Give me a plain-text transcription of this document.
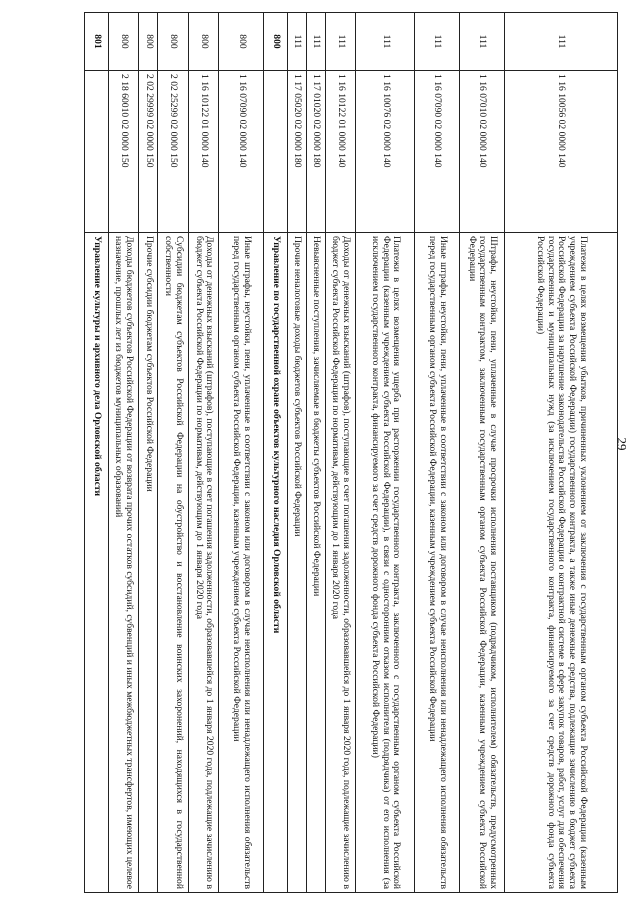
29
111	1 16 10056 02 0000 140	Платежи в целях возмещения убытков, причиненных уклонением от заключения с государственным органом субъекта Российской Федерации (казенным учреждением субъекта Российской Федерации) государственного контракта, а также иные денежные средства, подлежащие зачислению в бюджет субъекта Российской Федерации за нарушение законодательства Российской Федерации о контрактной системе в сфере закупок товаров, работ, услуг для обеспечения государственных и муниципальных нужд (за исключением государственного контракта, финансируемого за счет средств дорожного фонда субъекта Российской Федерации)
111	1 16 07010 02 0000 140	Штрафы, неустойки, пени, уплаченные в случае просрочки исполнения поставщиком (подрядчиком, исполнителем) обязательств, предусмотренных государственным контрактом, заключенным государственным органом субъекта Российской Федерации, казенным учреждением субъекта Российской Федерации
111	1 16 07090 02 0000 140	Иные штрафы, неустойки, пени, уплаченные в соответствии с законом или договором в случае неисполнения или ненадлежащего исполнения обязательств перед государственным органом субъекта Российской Федерации, казенным учреждением субъекта Российской Федерации
111	1 16 10076 02 0000 140	Платежи в целях возмещения ущерба при расторжении государственного контракта, заключенного с государственным органом субъекта Российской Федерации (казенным учреждением субъекта Российской Федерации), в связи с односторонним отказом исполнителя (подрядчика) от его исполнения (за исключением государственного контракта, финансируемого за счет средств дорожного фонда субъекта Российской Федерации)
111	1 16 10122 01 0000 140	Доходы от денежных взысканий (штрафов), поступающие в счет погашения задолженности, образовавшейся до 1 января 2020 года, подлежащие зачислению в бюджет субъекта Российской Федерации по нормативам, действующим до 1 января 2020 года
111	1 17 01020 02 0000 180	Невыясненные поступления, зачисляемые в бюджеты субъектов Российской Федерации
111	1 17 05020 02 0000 180	Прочие неналоговые доходы бюджетов субъектов Российской Федерации
800		Управление по государственной охране объектов культурного наследия Орловской области
800	1 16 07090 02 0000 140	Иные штрафы, неустойки, пени, уплаченные в соответствии с законом или договором в случае неисполнения или ненадлежащего исполнения обязательств перед государственным органом субъекта Российской Федерации, казенным учреждением субъекта Российской Федерации
800	1 16 10122 01 0000 140	Доходы от денежных взысканий (штрафов), поступающие в счет погашения задолженности, образовавшейся до 1 января 2020 года, подлежащие зачислению в бюджет субъекта Российской Федерации по нормативам, действующим до 1 января 2020 года
800	2 02 25299 02 0000 150	Субсидии бюджетам субъектов Российской Федерации на обустройство и восстановление воинских захоронений, находящихся в государственной собственности
800	2 02 29999 02 0000 150	Прочие субсидии бюджетам субъектов Российской Федерации
800	2 18 60010 02 0000 150	Доходы бюджетов субъектов Российской Федерации от возврата прочих остатков субсидий, субвенций и иных межбюджетных трансфертов, имеющих целевое назначение, прошлых лет из бюджетов муниципальных образований
801		Управление культуры и архивного дела Орловской области
